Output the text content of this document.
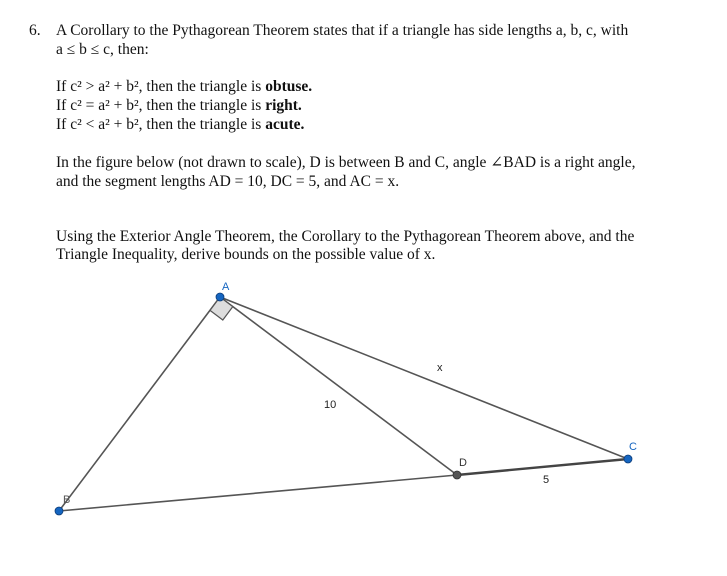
6. A Corollary to the Pythagorean Theorem states that if a triangle has side lengths a, b, c, with
a ≤ b ≤ c, then:
If c² > a² + b², then the triangle is obtuse.
If c² = a² + b², then the triangle is right.
If c² < a² + b², then the triangle is acute.
In the figure below (not drawn to scale), D is between B and C, angle ∠BAD is a right angle,
and the segment lengths AD = 10, DC = 5, and AC = x.
Using the Exterior Angle Theorem, the Corollary to the Pythagorean Theorem above, and the
Triangle Inequality, derive bounds on the possible value of x.
A
B
C
D
10
x
5
